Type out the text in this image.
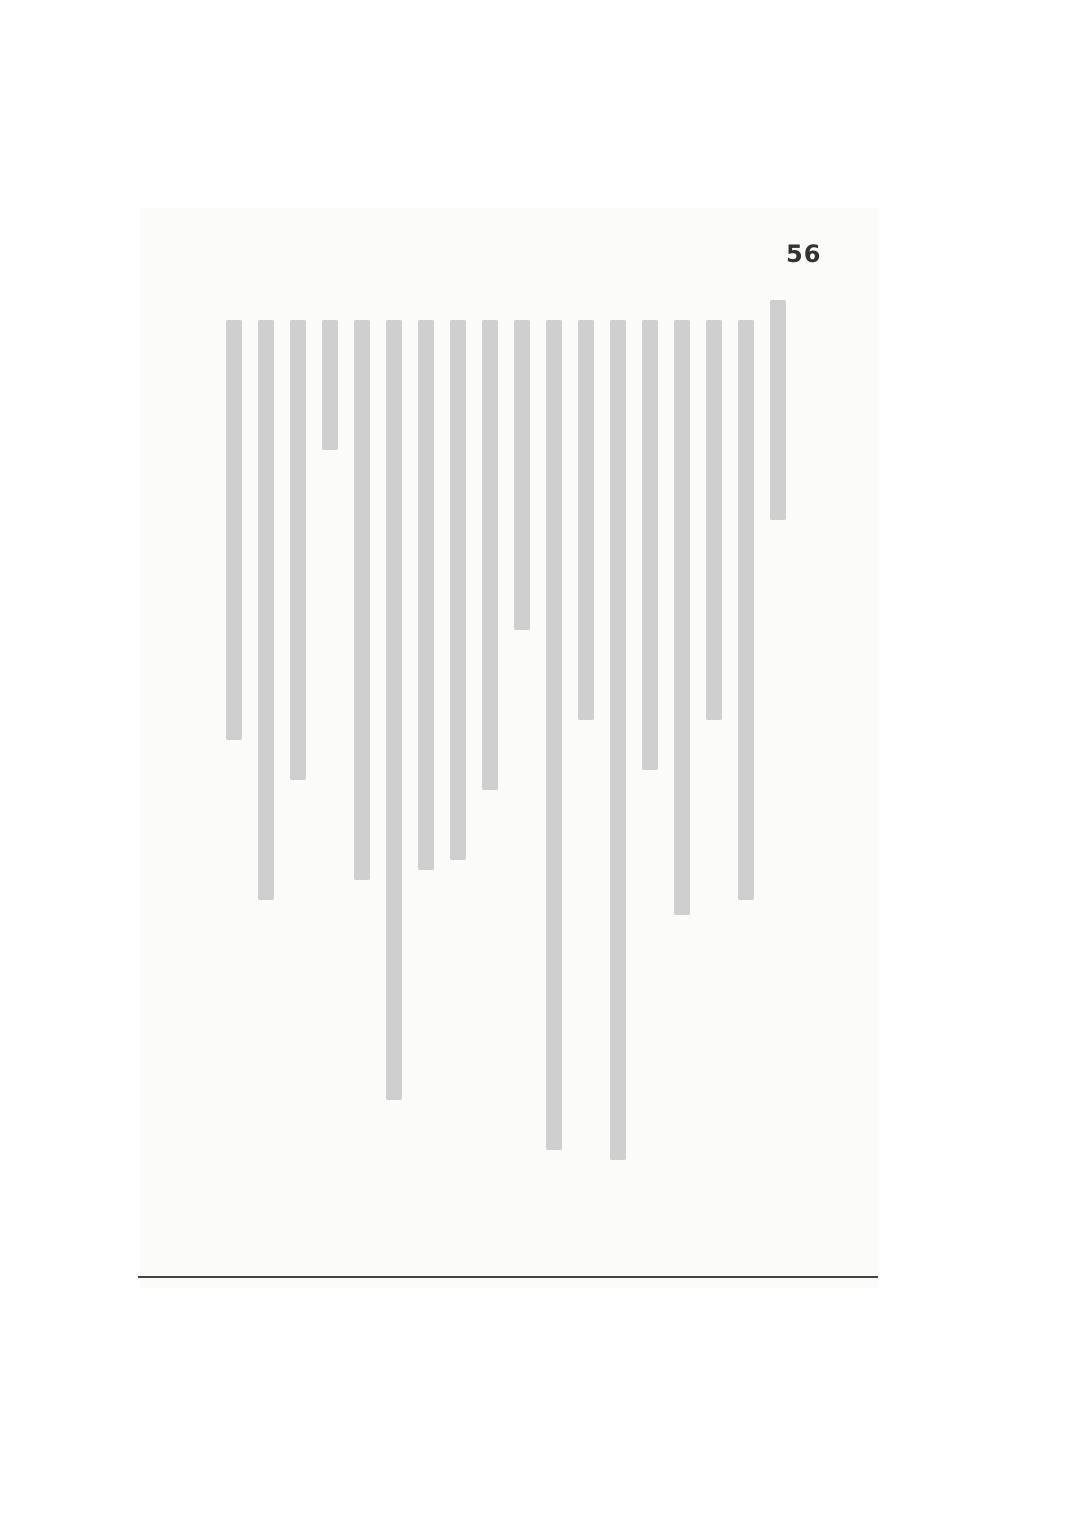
56
